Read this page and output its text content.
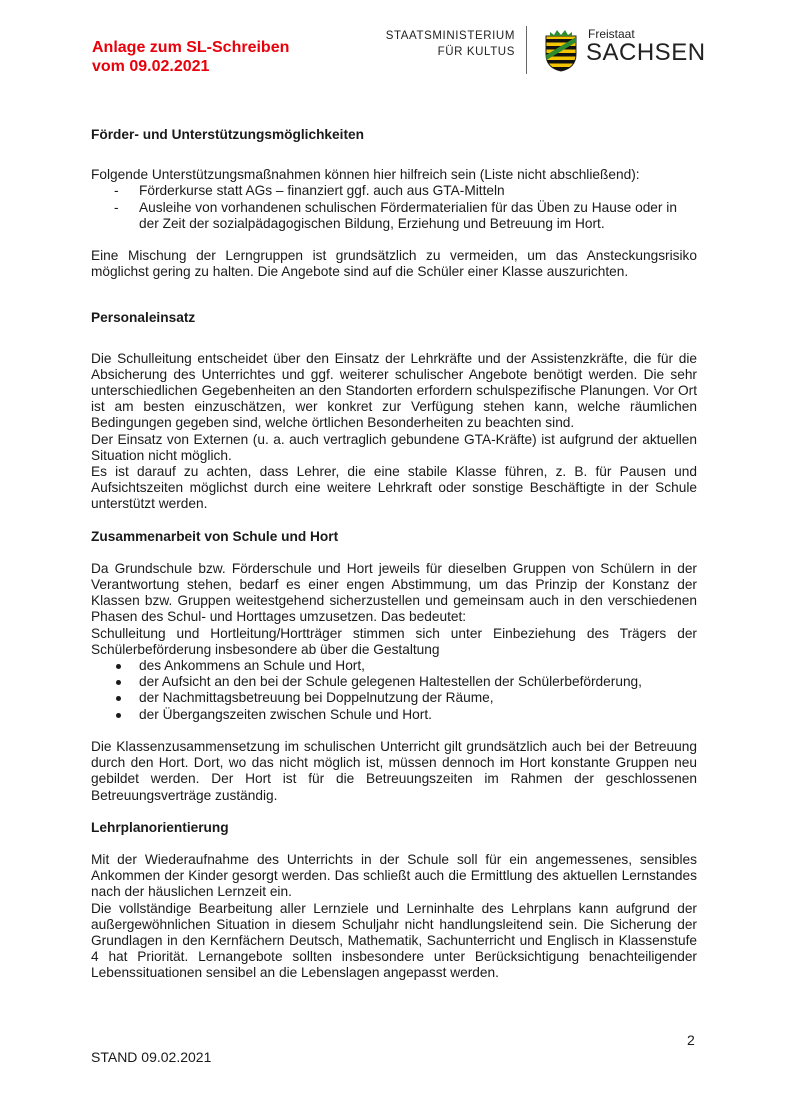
Anlage zum SL-Schreiben
vom 09.02.2021
STAATSMINISTERIUM
FÜR KULTUS
Freistaat
SACHSEN
Förder- und Unterstützungsmöglichkeiten

Folgende Unterstützungsmaßnahmen können hier hilfreich sein (Liste nicht abschließend):

- Förderkurse statt AGs – finanziert ggf. auch aus GTA-Mitteln
- Ausleihe von vorhandenen schulischen Fördermaterialien für das Üben zu Hause oder in der Zeit der sozialpädagogischen Bildung, Erziehung und Betreuung im Hort.

Eine Mischung der Lerngruppen ist grundsätzlich zu vermeiden, um das Ansteckungsrisiko möglichst gering zu halten. Die Angebote sind auf die Schüler einer Klasse auszurichten.

Personaleinsatz

Die Schulleitung entscheidet über den Einsatz der Lehrkräfte und der Assistenzkräfte, die für die Absicherung des Unterrichtes und ggf. weiterer schulischer Angebote benötigt werden. Die sehr unterschiedlichen Gegebenheiten an den Standorten erfordern schulspezifische Planungen. Vor Ort ist am besten einzuschätzen, wer konkret zur Verfügung stehen kann, welche räumlichen Bedingungen gegeben sind, welche örtlichen Besonderheiten zu beachten sind.

Der Einsatz von Externen (u. a. auch vertraglich gebundene GTA-Kräfte) ist aufgrund der aktuellen Situation nicht möglich.

Es ist darauf zu achten, dass Lehrer, die eine stabile Klasse führen, z. B. für Pausen und Aufsichtszeiten möglichst durch eine weitere Lehrkraft oder sonstige Beschäftigte in der Schule unterstützt werden.

Zusammenarbeit von Schule und Hort

Da Grundschule bzw. Förderschule und Hort jeweils für dieselben Gruppen von Schülern in der Verantwortung stehen, bedarf es einer engen Abstimmung, um das Prinzip der Konstanz der Klassen bzw. Gruppen weitestgehend sicherzustellen und gemeinsam auch in den verschiedenen Phasen des Schul- und Horttages umzusetzen. Das bedeutet:

Schulleitung und Hortleitung/Hortträger stimmen sich unter Einbeziehung des Trägers der Schülerbeförderung insbesondere ab über die Gestaltung

des Ankommens an Schule und Hort,
der Aufsicht an den bei der Schule gelegenen Haltestellen der Schülerbeförderung,
der Nachmittagsbetreuung bei Doppelnutzung der Räume,
der Übergangszeiten zwischen Schule und Hort.

Die Klassenzusammensetzung im schulischen Unterricht gilt grundsätzlich auch bei der Betreuung durch den Hort. Dort, wo das nicht möglich ist, müssen dennoch im Hort konstante Gruppen neu gebildet werden. Der Hort ist für die Betreuungszeiten im Rahmen der geschlossenen Betreuungsverträge zuständig.

Lehrplanorientierung

Mit der Wiederaufnahme des Unterrichts in der Schule soll für ein angemessenes, sensibles Ankommen der Kinder gesorgt werden. Das schließt auch die Ermittlung des aktuellen Lernstandes nach der häuslichen Lernzeit ein.

Die vollständige Bearbeitung aller Lernziele und Lerninhalte des Lehrplans kann aufgrund der außergewöhnlichen Situation in diesem Schuljahr nicht handlungsleitend sein. Die Sicherung der Grundlagen in den Kernfächern Deutsch, Mathematik, Sachunterricht und Englisch in Klassenstufe 4 hat Priorität. Lernangebote sollten insbesondere unter Berücksichtigung benachteiligender Lebenssituationen sensibel an die Lebenslagen angepasst werden.

2
STAND 09.02.2021
